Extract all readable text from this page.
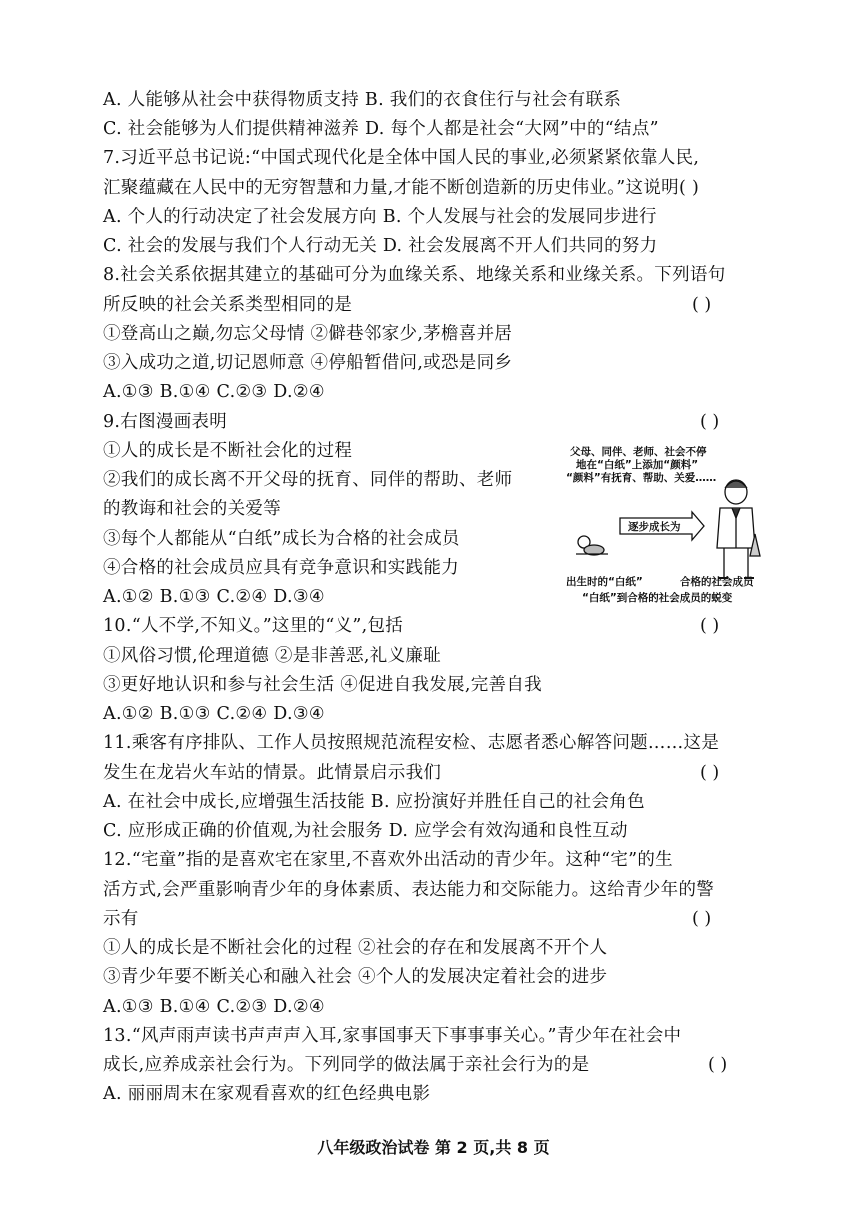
A. 人能够从社会中获得物质支持 B. 我们的衣食住行与社会有联系
C. 社会能够为人们提供精神滋养 D. 每个人都是社会“大网”中的“结点”
7.习近平总书记说:“中国式现代化是全体中国人民的事业,必须紧紧依靠人民,
汇聚蕴藏在人民中的无穷智慧和力量,才能不断创造新的历史伟业。”这说明( )
A. 个人的行动决定了社会发展方向 B. 个人发展与社会的发展同步进行
C. 社会的发展与我们个人行动无关 D. 社会发展离不开人们共同的努力
8.社会关系依据其建立的基础可分为血缘关系、地缘关系和业缘关系。下列语句
所反映的社会关系类型相同的是	( )
①登高山之巅,勿忘父母情 ②僻巷邻家少,茅檐喜并居
③入成功之道,切记恩师意 ④停船暂借问,或恐是同乡
A.①③ B.①④ C.②③ D.②④
9.右图漫画表明	( )
①人的成长是不断社会化的过程
②我们的成长离不开父母的抚育、同伴的帮助、老师
的教诲和社会的关爱等
③每个人都能从“白纸”成长为合格的社会成员
④合格的社会成员应具有竞争意识和实践能力
A.①② B.①③ C.②④ D.③④
10.“人不学,不知义。”这里的“义”,包括	( )
①风俗习惯,伦理道德 ②是非善恶,礼义廉耻
③更好地认识和参与社会生活 ④促进自我发展,完善自我
A.①② B.①③ C.②④ D.③④
11.乘客有序排队、工作人员按照规范流程安检、志愿者悉心解答问题……这是
发生在龙岩火车站的情景。此情景启示我们	( )
A. 在社会中成长,应增强生活技能 B. 应扮演好并胜任自己的社会角色
C. 应形成正确的价值观,为社会服务 D. 应学会有效沟通和良性互动
12.“宅童”指的是喜欢宅在家里,不喜欢外出活动的青少年。这种“宅”的生
活方式,会严重影响青少年的身体素质、表达能力和交际能力。这给青少年的警
示有	( )
①人的成长是不断社会化的过程 ②社会的存在和发展离不开个人
③青少年要不断关心和融入社会 ④个人的发展决定着社会的进步
A.①③ B.①④ C.②③ D.②④
13.“风声雨声读书声声声入耳,家事国事天下事事事关心。”青少年在社会中
成长,应养成亲社会行为。下列同学的做法属于亲社会行为的是	( )
A. 丽丽周末在家观看喜欢的红色经典电影
父母、同伴、老师、社会不停
地在“白纸”上添加“颜料”
“颜料”有抚育、帮助、关爱……
逐步成长为
出生时的“白纸”	合格的社会成员
“白纸”到合格的社会成员的蜕变
八年级政治试卷 第 2 页,共 8 页
